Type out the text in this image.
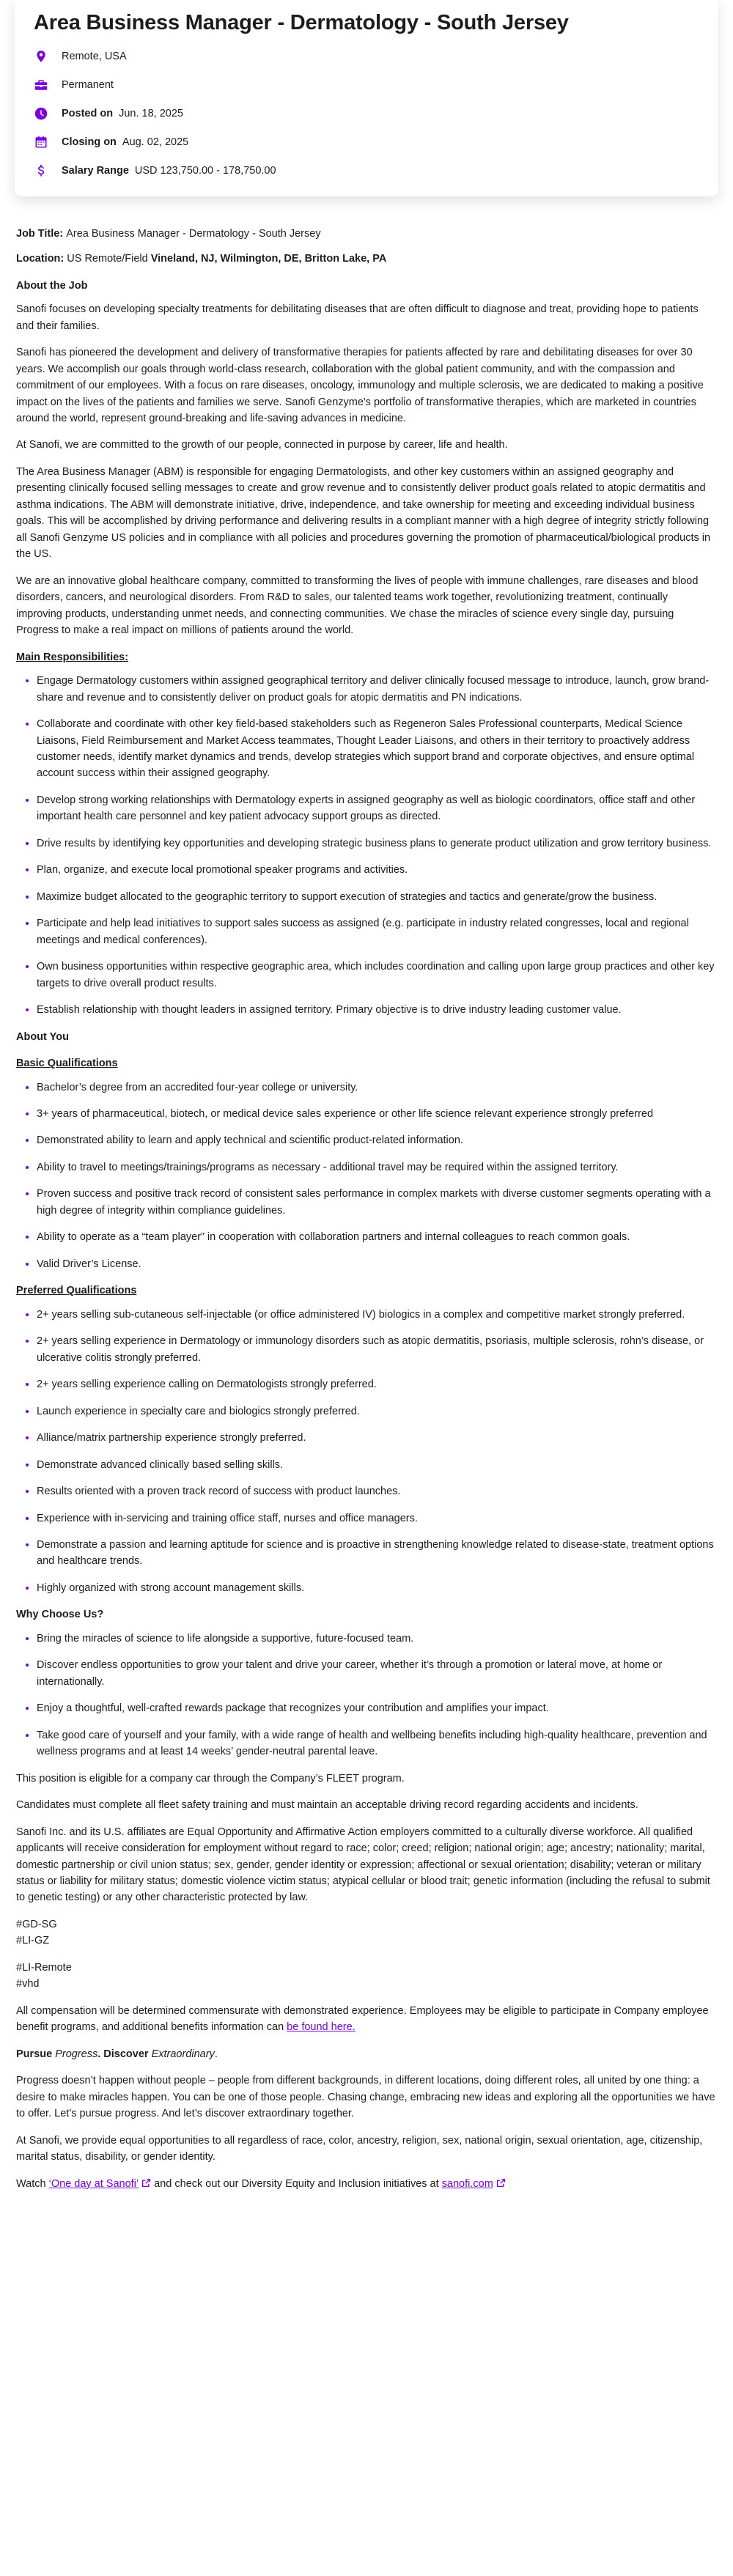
Area Business Manager - Dermatology - South Jersey
Remote, USA
Permanent
Posted on Jun. 18, 2025
Closing on Aug. 02, 2025
Salary Range USD 123,750.00 - 178,750.00

Job Title: Area Business Manager - Dermatology - South Jersey

Location: US Remote/Field Vineland, NJ, Wilmington, DE, Britton Lake, PA

About the Job

Sanofi focuses on developing specialty treatments for debilitating diseases that are often difficult to diagnose and treat, providing hope to patients and their families.

Sanofi has pioneered the development and delivery of transformative therapies for patients affected by rare and debilitating diseases for over 30 years. We accomplish our goals through world-class research, collaboration with the global patient community, and with the compassion and commitment of our employees. With a focus on rare diseases, oncology, immunology and multiple sclerosis, we are dedicated to making a positive impact on the lives of the patients and families we serve. Sanofi Genzyme's portfolio of transformative therapies, which are marketed in countries around the world, represent ground-breaking and life-saving advances in medicine.

At Sanofi, we are committed to the growth of our people, connected in purpose by career, life and health.

The Area Business Manager (ABM) is responsible for engaging Dermatologists, and other key customers within an assigned geography and presenting clinically focused selling messages to create and grow revenue and to consistently deliver product goals related to atopic dermatitis and asthma indications. The ABM will demonstrate initiative, drive, independence, and take ownership for meeting and exceeding individual business goals. This will be accomplished by driving performance and delivering results in a compliant manner with a high degree of integrity strictly following all Sanofi Genzyme US policies and in compliance with all policies and procedures governing the promotion of pharmaceutical/biological products in the US.

We are an innovative global healthcare company, committed to transforming the lives of people with immune challenges, rare diseases and blood disorders, cancers, and neurological disorders. From R&D to sales, our talented teams work together, revolutionizing treatment, continually improving products, understanding unmet needs, and connecting communities. We chase the miracles of science every single day, pursuing Progress to make a real impact on millions of patients around the world.

Main Responsibilities:

• Engage Dermatology customers within assigned geographical territory and deliver clinically focused message to introduce, launch, grow brand-share and revenue and to consistently deliver on product goals for atopic dermatitis and PN indications.
• Collaborate and coordinate with other key field-based stakeholders such as Regeneron Sales Professional counterparts, Medical Science Liaisons, Field Reimbursement and Market Access teammates, Thought Leader Liaisons, and others in their territory to proactively address customer needs, identify market dynamics and trends, develop strategies which support brand and corporate objectives, and ensure optimal account success within their assigned geography.
• Develop strong working relationships with Dermatology experts in assigned geography as well as biologic coordinators, office staff and other important health care personnel and key patient advocacy support groups as directed.
• Drive results by identifying key opportunities and developing strategic business plans to generate product utilization and grow territory business.
• Plan, organize, and execute local promotional speaker programs and activities.
• Maximize budget allocated to the geographic territory to support execution of strategies and tactics and generate/grow the business.
• Participate and help lead initiatives to support sales success as assigned (e.g. participate in industry related congresses, local and regional meetings and medical conferences).
• Own business opportunities within respective geographic area, which includes coordination and calling upon large group practices and other key targets to drive overall product results.
• Establish relationship with thought leaders in assigned territory. Primary objective is to drive industry leading customer value.

About You

Basic Qualifications

• Bachelor’s degree from an accredited four-year college or university.
• 3+ years of pharmaceutical, biotech, or medical device sales experience or other life science relevant experience strongly preferred
• Demonstrated ability to learn and apply technical and scientific product-related information.
• Ability to travel to meetings/trainings/programs as necessary - additional travel may be required within the assigned territory.
• Proven success and positive track record of consistent sales performance in complex markets with diverse customer segments operating with a high degree of integrity within compliance guidelines.
• Ability to operate as a “team player” in cooperation with collaboration partners and internal colleagues to reach common goals.
• Valid Driver’s License.

Preferred Qualifications

• 2+ years selling sub-cutaneous self-injectable (or office administered IV) biologics in a complex and competitive market strongly preferred.
• 2+ years selling experience in Dermatology or immunology disorders such as atopic dermatitis, psoriasis, multiple sclerosis, rohn’s disease, or ulcerative colitis strongly preferred.
• 2+ years selling experience calling on Dermatologists strongly preferred.
• Launch experience in specialty care and biologics strongly preferred.
• Alliance/matrix partnership experience strongly preferred.
• Demonstrate advanced clinically based selling skills.
• Results oriented with a proven track record of success with product launches.
• Experience with in-servicing and training office staff, nurses and office managers.
• Demonstrate a passion and learning aptitude for science and is proactive in strengthening knowledge related to disease-state, treatment options and healthcare trends.
• Highly organized with strong account management skills.

Why Choose Us?

• Bring the miracles of science to life alongside a supportive, future-focused team.
• Discover endless opportunities to grow your talent and drive your career, whether it’s through a promotion or lateral move, at home or internationally.
• Enjoy a thoughtful, well-crafted rewards package that recognizes your contribution and amplifies your impact.
• Take good care of yourself and your family, with a wide range of health and wellbeing benefits including high-quality healthcare, prevention and wellness programs and at least 14 weeks’ gender-neutral parental leave.

This position is eligible for a company car through the Company’s FLEET program.

Candidates must complete all fleet safety training and must maintain an acceptable driving record regarding accidents and incidents.

Sanofi Inc. and its U.S. affiliates are Equal Opportunity and Affirmative Action employers committed to a culturally diverse workforce. All qualified applicants will receive consideration for employment without regard to race; color; creed; religion; national origin; age; ancestry; nationality; marital, domestic partnership or civil union status; sex, gender, gender identity or expression; affectional or sexual orientation; disability; veteran or military status or liability for military status; domestic violence victim status; atypical cellular or blood trait; genetic information (including the refusal to submit to genetic testing) or any other characteristic protected by law.

#GD-SG

#LI-GZ

#LI-Remote

#vhd

All compensation will be determined commensurate with demonstrated experience. Employees may be eligible to participate in Company employee benefit programs, and additional benefits information can be found here.

Pursue Progress. Discover Extraordinary.

Progress doesn’t happen without people – people from different backgrounds, in different locations, doing different roles, all united by one thing: a desire to make miracles happen. You can be one of those people. Chasing change, embracing new ideas and exploring all the opportunities we have to offer. Let’s pursue progress. And let’s discover extraordinary together.

At Sanofi, we provide equal opportunities to all regardless of race, color, ancestry, religion, sex, national origin, sexual orientation, age, citizenship, marital status, disability, or gender identity.

Watch ‘One day at Sanofi’ and check out our Diversity Equity and Inclusion initiatives at sanofi.com
